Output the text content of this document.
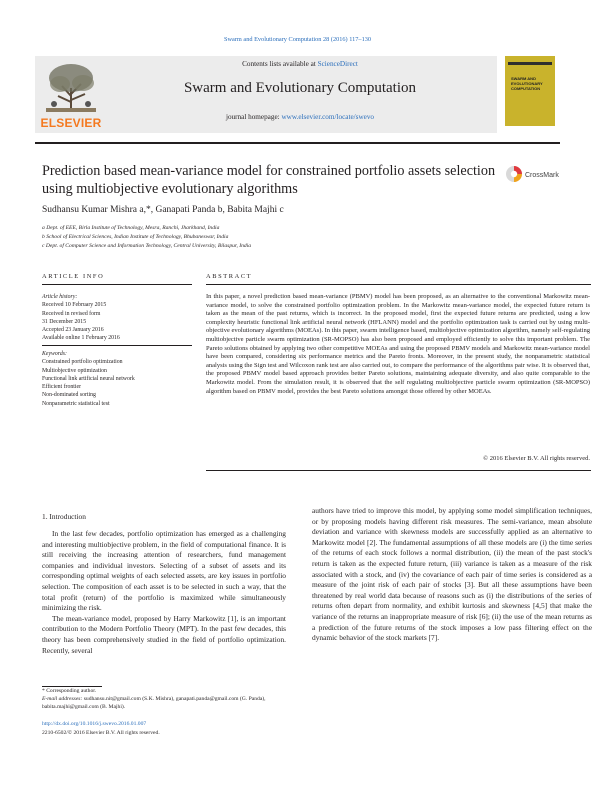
Swarm and Evolutionary Computation 28 (2016) 117–130
ELSEVIER
Contents lists available at ScienceDirect
Swarm and Evolutionary Computation
journal homepage: www.elsevier.com/locate/swevo
SWARM AND EVOLUTIONARY COMPUTATION
Prediction based mean-variance model for constrained portfolio assets selection using multiobjective evolutionary algorithms
CrossMark
Sudhansu Kumar Mishra a,*, Ganapati Panda b, Babita Majhi c
a Dept. of EEE, Birla Institute of Technology, Mesra, Ranchi, Jharkhand, India
b School of Electrical Sciences, Indian Institute of Technology, Bhubaneswar, India
c Dept. of Computer Science and Information Technology, Central University, Bilaspur, India
ARTICLE INFO	ABSTRACT
Article history:
Received 10 February 2015
Received in revised form
31 December 2015
Accepted 23 January 2016
Available online 1 February 2016
Keywords:
Constrained portfolio optimization
Multiobjective optimization
Functional link artificial neural network
Efficient frontier
Non-dominated sorting
Nonparametric statistical test
In this paper, a novel prediction based mean-variance (PBMV) model has been proposed, as an alternative to the conventional Markowitz mean-variance model, to solve the constrained portfolio optimization problem. In the Markowitz mean-variance model, the expected future return is taken as the mean of the past returns, which is incorrect. In the proposed model, first the expected future returns are predicted, using a low complexity heuristic functional link artificial neural network (HFLANN) model and the portfolio optimization task is carried out by using multi-objective evolutionary algorithms (MOEAs). In this paper, swarm intelligence based, multiobjective optimization algorithm, namely self-regulating multiobjective particle swarm optimization (SR-MOPSO) has also been proposed and employed efficiently to solve this important problem. The Pareto solutions obtained by applying two other competitive MOEAs and using the proposed PBMV models and Markowitz mean-variance model have been compared, considering six performance metrics and the Pareto fronts. Moreover, in the present study, the nonparametric statistical analysis using the Sign test and Wilcoxon rank test are also carried out, to compare the performance of the algorithms pair wise. It is observed that, the proposed PBMV model based approach provides better Pareto solutions, maintaining adequate diversity, and also quite comparable to the Markowitz model. From the simulation result, it is observed that the self regulating multiobjective particle swarm optimization (SR-MOPSO) algorithm based on PBMV model, provides the best Pareto solutions amongst those offered by other MOEAs.
© 2016 Elsevier B.V. All rights reserved.
1. Introduction

In the last few decades, portfolio optimization has emerged as a challenging and interesting multiobjective problem, in the field of computational finance. It is still receiving the increasing attention of researchers, fund management companies and individual investors. Selecting of a subset of assets and its corresponding optimal weights of each selected assets, are key issues in portfolio selection. The composition of each asset is to be selected in such a way, that the total profit (return) of the portfolio is maximized while simultaneously minimizing the risk.

The mean-variance model, proposed by Harry Markowitz [1], is an important contribution to the Modern Portfolio Theory (MPT). In the past few decades, this theory has been comprehensively studied in the field of portfolio optimization. Recently, several

authors have tried to improve this model, by applying some model simplification techniques, or by proposing models having different risk measures. The semi-variance, mean absolute deviation and variance with skewness models are successfully applied as an alternative to Markowitz model [2]. The fundamental assumptions of all these models are (i) the time series of the returns of each stock follows a normal distribution, (ii) the mean of the past stock's return is taken as the expected future return, (iii) variance is taken as a measure of the risk associated with a stock, and (iv) the covariance of each pair of time series is considered as a measure of the joint risk of each pair of stocks [3]. But all these assumptions have been threatened by real world data because of reasons such as (i) the distributions of the series of returns often depart from normality, and exhibit kurtosis and skewness [4,5] that make the variance of the returns an inappropriate measure of risk [6]; (ii) the use of the mean returns as a prediction of the future returns of the stock imposes a low pass filtering effect on the dynamic behavior of the stock markets [7].

* Corresponding author.
E-mail addresses: sudhansu.nit@gmail.com (S.K. Mishra), ganapati.panda@gmail.com (G. Panda), babita.majhi@gmail.com (B. Majhi).
http://dx.doi.org/10.1016/j.swevo.2016.01.007
2210-6502/© 2016 Elsevier B.V. All rights reserved.
